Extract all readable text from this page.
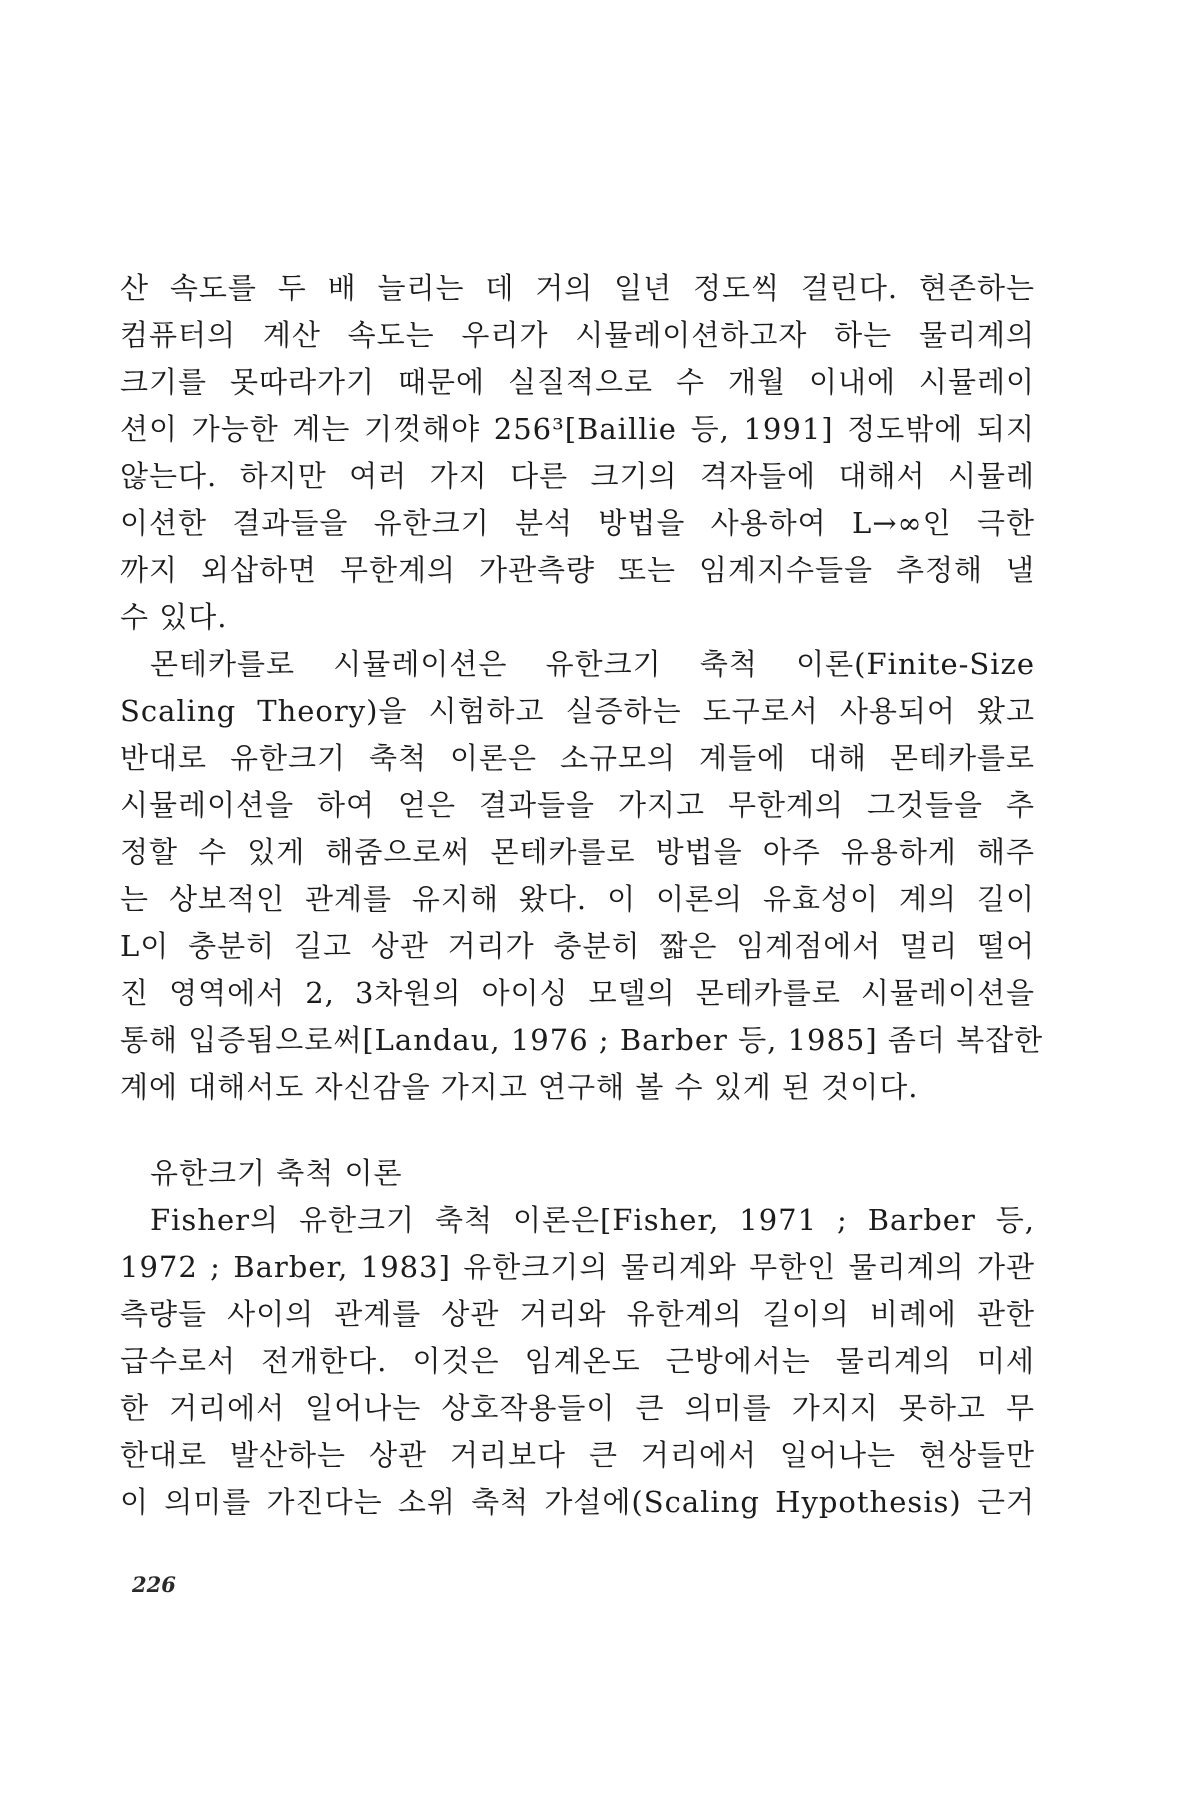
산 속도를 두 배 늘리는 데 거의 일년 정도씩 걸린다. 현존하는
컴퓨터의 계산 속도는 우리가 시뮬레이션하고자 하는 물리계의
크기를 못따라가기 때문에 실질적으로 수 개월 이내에 시뮬레이
션이 가능한 계는 기껏해야 256³[Baillie 등, 1991] 정도밖에 되지
않는다. 하지만 여러 가지 다른 크기의 격자들에 대해서 시뮬레
이션한 결과들을 유한크기 분석 방법을 사용하여 L→∞인 극한
까지 외삽하면 무한계의 가관측량 또는 임계지수들을 추정해 낼
수 있다.
몬테카를로 시뮬레이션은 유한크기 축척 이론(Finite-Size
Scaling Theory)을 시험하고 실증하는 도구로서 사용되어 왔고
반대로 유한크기 축척 이론은 소규모의 계들에 대해 몬테카를로
시뮬레이션을 하여 얻은 결과들을 가지고 무한계의 그것들을 추
정할 수 있게 해줌으로써 몬테카를로 방법을 아주 유용하게 해주
는 상보적인 관계를 유지해 왔다. 이 이론의 유효성이 계의 길이
L이 충분히 길고 상관 거리가 충분히 짧은 임계점에서 멀리 떨어
진 영역에서 2, 3차원의 아이싱 모델의 몬테카를로 시뮬레이션을
통해 입증됨으로써[Landau, 1976 ; Barber 등, 1985] 좀더 복잡한
계에 대해서도 자신감을 가지고 연구해 볼 수 있게 된 것이다.
유한크기 축척 이론
Fisher의 유한크기 축척 이론은[Fisher, 1971 ; Barber 등,
1972 ; Barber, 1983] 유한크기의 물리계와 무한인 물리계의 가관
측량들 사이의 관계를 상관 거리와 유한계의 길이의 비례에 관한
급수로서 전개한다. 이것은 임계온도 근방에서는 물리계의 미세
한 거리에서 일어나는 상호작용들이 큰 의미를 가지지 못하고 무
한대로 발산하는 상관 거리보다 큰 거리에서 일어나는 현상들만
이 의미를 가진다는 소위 축척 가설에(Scaling Hypothesis) 근거
226
